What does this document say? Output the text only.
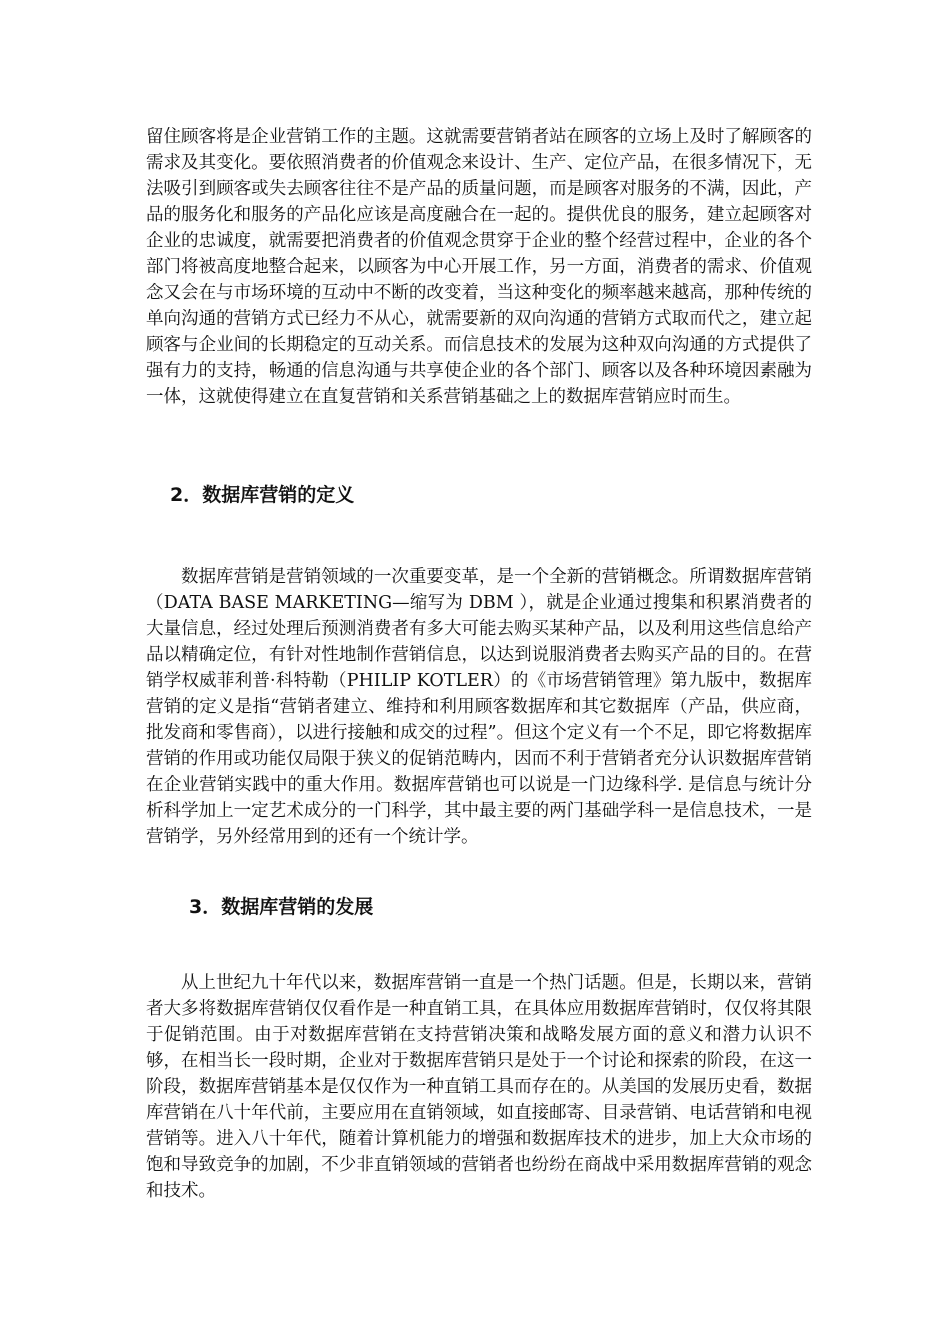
留住顾客将是企业营销工作的主题。这就需要营销者站在顾客的立场上及时了解顾客的需求及其变化。要依照消费者的价值观念来设计、生产、定位产品，在很多情况下，无法吸引到顾客或失去顾客往往不是产品的质量问题，而是顾客对服务的不满，因此，产品的服务化和服务的产品化应该是高度融合在一起的。提供优良的服务，建立起顾客对企业的忠诚度，就需要把消费者的价值观念贯穿于企业的整个经营过程中，企业的各个部门将被高度地整合起来，以顾客为中心开展工作，另一方面，消费者的需求、价值观念又会在与市场环境的互动中不断的改变着，当这种变化的频率越来越高，那种传统的单向沟通的营销方式已经力不从心，就需要新的双向沟通的营销方式取而代之，建立起顾客与企业间的长期稳定的互动关系。而信息技术的发展为这种双向沟通的方式提供了强有力的支持，畅通的信息沟通与共享使企业的各个部门、顾客以及各种环境因素融为一体，这就使得建立在直复营销和关系营销基础之上的数据库营销应时而生。

2．数据库营销的定义

数据库营销是营销领域的一次重要变革，是一个全新的营销概念。所谓数据库营销（DATA BASE MARKETING—缩写为 DBM ），就是企业通过搜集和积累消费者的大量信息，经过处理后预测消费者有多大可能去购买某种产品，以及利用这些信息给产品以精确定位，有针对性地制作营销信息，以达到说服消费者去购买产品的目的。在营销学权威菲利普·科特勒（PHILIP KOTLER）的《市场营销管理》第九版中，数据库营销的定义是指“营销者建立、维持和利用顾客数据库和其它数据库（产品，供应商，批发商和零售商），以进行接触和成交的过程”。但这个定义有一个不足，即它将数据库营销的作用或功能仅局限于狭义的促销范畴内，因而不利于营销者充分认识数据库营销在企业营销实践中的重大作用。数据库营销也可以说是一门边缘科学. 是信息与统计分析科学加上一定艺术成分的一门科学，其中最主要的两门基础学科一是信息技术，一是营销学，另外经常用到的还有一个统计学。

3．数据库营销的发展

从上世纪九十年代以来，数据库营销一直是一个热门话题。但是，长期以来，营销者大多将数据库营销仅仅看作是一种直销工具，在具体应用数据库营销时，仅仅将其限于促销范围。由于对数据库营销在支持营销决策和战略发展方面的意义和潜力认识不够，在相当长一段时期，企业对于数据库营销只是处于一个讨论和探索的阶段，在这一阶段，数据库营销基本是仅仅作为一种直销工具而存在的。从美国的发展历史看，数据库营销在八十年代前，主要应用在直销领域，如直接邮寄、目录营销、电话营销和电视营销等。进入八十年代，随着计算机能力的增强和数据库技术的进步，加上大众市场的饱和导致竞争的加剧，不少非直销领域的营销者也纷纷在商战中采用数据库营销的观念和技术。
